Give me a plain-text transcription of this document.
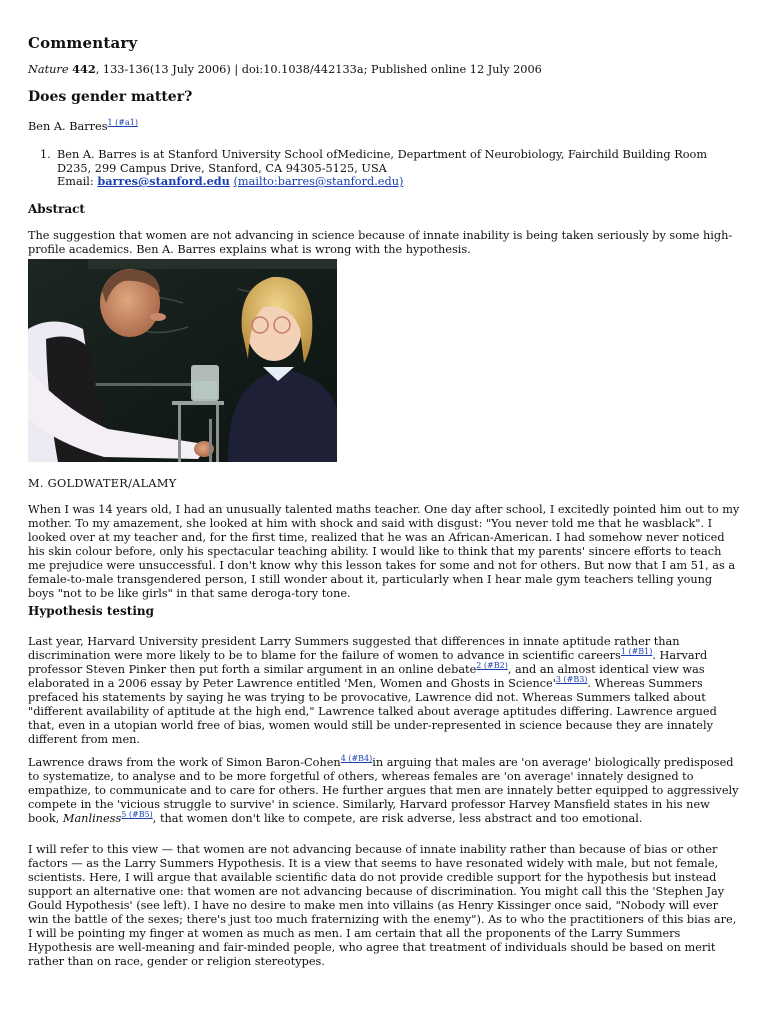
Commentary
Nature 442, 133-136(13 July 2006) | doi:10.1038/442133a; Published online 12 July 2006
Does gender matter?
Ben A. Barres$^{1 (\#a1)}$
1. Ben A. Barres is at Stanford University School ofMedicine, Department of Neurobiology, Fairchild Building Room D235, 299 Campus Drive, Stanford, CA 94305-5125, USA
Email: barres@stanford.edu (mailto:barres@stanford.edu)
Abstract
The suggestion that women are not advancing in science because of innate inability is being taken seriously by some high-profile academics. Ben A. Barres explains what is wrong with the hypothesis.
M. GOLDWATER/ALAMY
When I was 14 years old, I had an unusually talented maths teacher. One day after school, I excitedly pointed him out to my mother. To my amazement, she looked at him with shock and said with disgust: "You never told me that he wasblack". I looked over at my teacher and, for the first time, realized that he was an African-American. I had somehow never noticed his skin colour before, only his spectacular teaching ability. I would like to think that my parents' sincere efforts to teach me prejudice were unsuccessful. I don't know why this lesson takes for some and not for others. But now that I am 51, as a female-to-male transgendered person, I still wonder about it, particularly when I hear male gym teachers telling young boys "not to be like girls" in that same deroga-tory tone.
Hypothesis testing
Last year, Harvard University president Larry Summers suggested that differences in innate aptitude rather than discrimination were more likely to be to blame for the failure of women to advance in scientific careers$^{1 (\#B1)}$. Harvard professor Steven Pinker then put forth a similar argument in an online debate$^{2 (\#B2)}$, and an almost identical view was elaborated in a 2006 essay by Peter Lawrence entitled 'Men, Women and Ghosts in Science'$^{3 (\#B3)}$. Whereas Summers prefaced his statements by saying he was trying to be provocative, Lawrence did not. Whereas Summers talked about "different availability of aptitude at the high end," Lawrence talked about average aptitudes differing. Lawrence argued that, even in a utopian world free of bias, women would still be under-represented in science because they are innately different from men.
Lawrence draws from the work of Simon Baron-Cohen$^{4 (\#B4)}$in arguing that males are 'on average' biologically predisposed to systematize, to analyse and to be more forgetful of others, whereas females are 'on average' innately designed to empathize, to communicate and to care for others. He further argues that men are innately better equipped to aggressively compete in the 'vicious struggle to survive' in science. Similarly, Harvard professor Harvey Mansfield states in his new book, Manliness$^{5 (\#B5)}$, that women don't like to compete, are risk adverse, less abstract and too emotional.
I will refer to this view — that women are not advancing because of innate inability rather than because of bias or other factors — as the Larry Summers Hypothesis. It is a view that seems to have resonated widely with male, but not female, scientists. Here, I will argue that available scientific data do not provide credible support for the hypothesis but instead support an alternative one: that women are not advancing because of discrimination. You might call this the 'Stephen Jay Gould Hypothesis' (see left). I have no desire to make men into villains (as Henry Kissinger once said, "Nobody will ever win the battle of the sexes; there's just too much fraternizing with the enemy"). As to who the practitioners of this bias are, I will be pointing my finger at women as much as men. I am certain that all the proponents of the Larry Summers Hypothesis are well-meaning and fair-minded people, who agree that treatment of individuals should be based on merit rather than on race, gender or religion stereotypes.
